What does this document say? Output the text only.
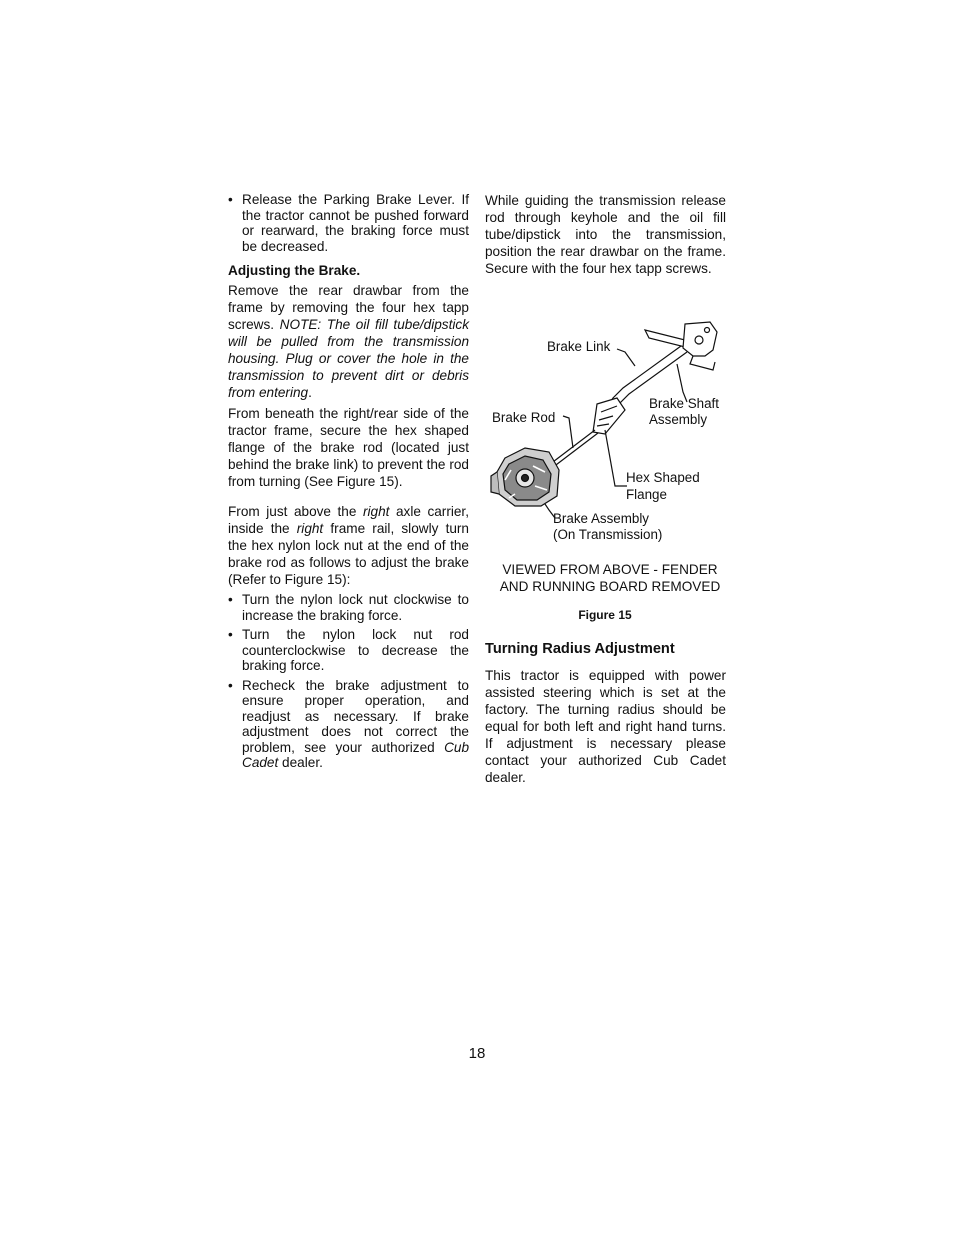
• Release the Parking Brake Lever. If the tractor cannot be pushed forward or rearward, the braking force must be decreased.
Adjusting the Brake.

Remove the rear drawbar from the frame by removing the four hex tapp screws. NOTE: The oil fill tube/dipstick will be pulled from the transmission housing. Plug or cover the hole in the transmission to prevent dirt or debris from entering.

From beneath the right/rear side of the tractor frame, secure the hex shaped flange of the brake rod (located just behind the brake link) to prevent the rod from turning (See Figure 15).

From just above the right axle carrier, inside the right frame rail, slowly turn the hex nylon lock nut at the end of the brake rod as follows to adjust the brake (Refer to Figure 15):

• Turn the nylon lock nut clockwise to increase the braking force.
• Turn the nylon lock nut rod counterclockwise to decrease the braking force.
• Recheck the brake adjustment to ensure proper operation, and readjust as necessary. If brake adjustment does not correct the problem, see your authorized Cub Cadet dealer.

While guiding the transmission release rod through keyhole and the oil fill tube/dipstick into the transmission, position the rear drawbar on the frame. Secure with the four hex tapp screws.

Brake Link
Brake Shaft
Assembly
Brake Rod
Hex Shaped
Flange
Brake Assembly
(On Transmission)
VIEWED FROM ABOVE - FENDER
AND RUNNING BOARD REMOVED
Figure 15
Turning Radius Adjustment

This tractor is equipped with power assisted steering which is set at the factory. The turning radius should be equal for both left and right hand turns. If adjustment is necessary please contact your authorized Cub Cadet dealer.

18
